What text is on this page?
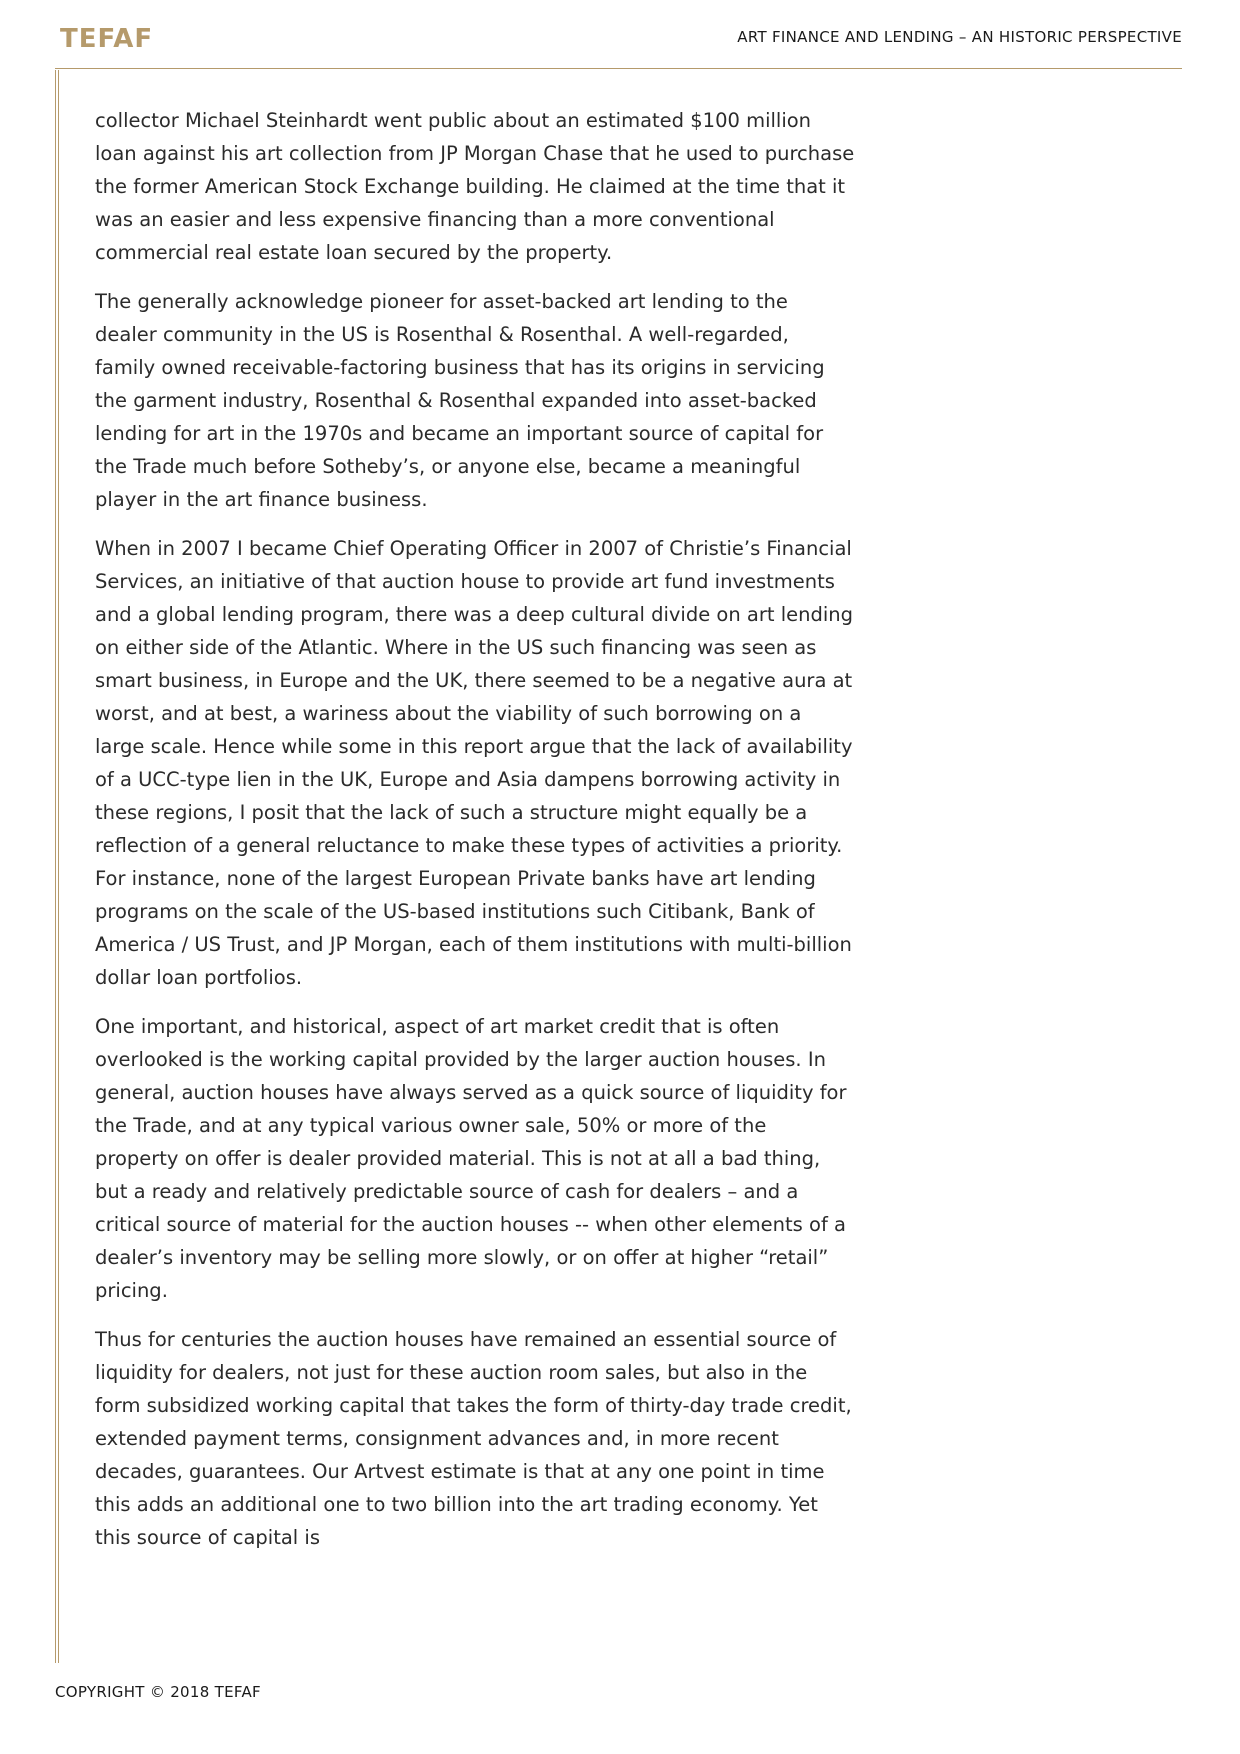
TEFAF	ART FINANCE AND LENDING – AN HISTORIC PERSPECTIVE

collector Michael Steinhardt went public about an estimated $100 million loan against his art collection from JP Morgan Chase that he used to purchase the former American Stock Exchange building. He claimed at the time that it was an easier and less expensive financing than a more conventional commercial real estate loan secured by the property.

The generally acknowledge pioneer for asset-backed art lending to the dealer community in the US is Rosenthal & Rosenthal. A well-regarded, family owned receivable-factoring business that has its origins in servicing the garment industry, Rosenthal & Rosenthal expanded into asset-backed lending for art in the 1970s and became an important source of capital for the Trade much before Sotheby’s, or anyone else, became a meaningful player in the art finance business.

When in 2007 I became Chief Operating Officer in 2007 of Christie’s Financial Services, an initiative of that auction house to provide art fund investments and a global lending program, there was a deep cultural divide on art lending on either side of the Atlantic. Where in the US such financing was seen as smart business, in Europe and the UK, there seemed to be a negative aura at worst, and at best, a wariness about the viability of such borrowing on a large scale. Hence while some in this report argue that the lack of availability of a UCC-type lien in the UK, Europe and Asia dampens borrowing activity in these regions, I posit that the lack of such a structure might equally be a reflection of a general reluctance to make these types of activities a priority. For instance, none of the largest European Private banks have art lending programs on the scale of the US-based institutions such Citibank, Bank of America / US Trust, and JP Morgan, each of them institutions with multi-billion dollar loan portfolios.

One important, and historical, aspect of art market credit that is often overlooked is the working capital provided by the larger auction houses. In general, auction houses have always served as a quick source of liquidity for the Trade, and at any typical various owner sale, 50% or more of the property on offer is dealer provided material. This is not at all a bad thing, but a ready and relatively predictable source of cash for dealers – and a critical source of material for the auction houses -- when other elements of a dealer’s inventory may be selling more slowly, or on offer at higher “retail” pricing.

Thus for centuries the auction houses have remained an essential source of liquidity for dealers, not just for these auction room sales, but also in the form subsidized working capital that takes the form of thirty-day trade credit, extended payment terms, consignment advances and, in more recent decades, guarantees. Our Artvest estimate is that at any one point in time this adds an additional one to two billion into the art trading economy. Yet this source of capital is

COPYRIGHT © 2018 TEFAF
